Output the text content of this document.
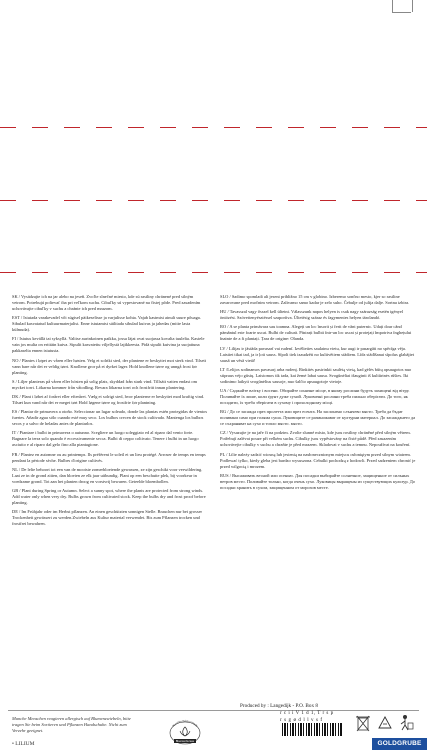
SK / Vysádzajte ich na jar alebo na jeseň. Zvoľte slnečné miesto, kde sú rastliny chránené pred silným vetrom. Potrebujú polievať iba pri veľkom suchu. Cibuľky sú vypestované na čistej pôde. Pred zasadením uchovávajte cibuľky v suchu a chránte ich pred mrazom.

EST / Istutada varakevadel või sügisel päikeselisse ja varjulisse kohta. Vajab kastmist ainult suure põuaga. Sibulad kasvatatud kultuurmaterjalist. Enne istutamist säilitada sibulad kuivas ja jahedas (mitte lasta külmuda).

FI / Istutus kevällä tai syksyllä. Valitse aurinkoinen paikka, jossa läjat ovat suojassa kovalta tuulelta. Kastele vain jos multa on erittäin kuiva. Sipulit kasvatettu viljellystä lajikkeesta. Pidä sipulit kuivina ja suojattuna pakkaselta ennen istutusta.

NO / Plantes i løpet av våren eller høsten. Velg et solrikt sted, der plantene er beskyttet mot sterk vind. Tilsett vann bare når det er veldig tørrt. Knollene gror på et dyrket lager. Hold knollene tørre og unngå frost før planting.

S / Liljer planteras på våren eller hösten på solig plats, skyddad från stark vind. Tillsätt vatten endast om mycket torrt. Lökarna kommer från våtodling. Bevara lökarna torrt och frostfritt innan plantering.

DK / Plant i løbet af foråret eller efteråret. Vælg et solrigt sted, hvor planterne er beskyttet mod kraftig vind. Tilsæt kun vand når det er meget tørt Hold løgene tørre og frostfrie før plantning.

ES / Plantar de primavera a otoño. Seleccionar un lugar soleado, donde las plantas estén protegidas de vientos fuertes. Añadir agua sólo cuando esté muy seco. Los bulbos crecen de stock cultivado. Mantenga los bulbos secos y a salvo de heladas antes de plantarlos.

IT / Piantare i bulbi in primavera o autunno. Scegliere un luogo soleggiato ed al riparo dal vento forte. Bagnare la terra solo quando è eccessivamente secca. Bulbi di ceppo coltivato. Tenere i bulbi in un luogo asciutto e al riparo dal gelo fino alla piantagione.

FR / Plantez en automne ou au printemps. Ils préfèrent le soleil et un lieu protégé. Arroser de temps en temps pendant la période sèche. Bulbes d'origine cultivés.

NL / De lelie behoort tot een van de mooiste zomerbloeiende gewassen, ze zijn geschikt voor verwildering. Laat ze in de grond zitten, dan bloeien ze elk jaar uitbundig. Plant op een beschutte plek, bij voorkeur in voedzame grond. Tot aan het planten droog en vorstvrij bewaren. Geteelde bloembollen.

GB / Plant during Spring or Autumn. Select a sunny spot, where the plants are protected from strong winds. Add water only when very dry. Bulbs grown from cultivated stock. Keep the bulbs dry and frost proof before planting.

DE / Im Frühjahr oder im Herbst pflanzen. An einen geschützten sonnigen Stelle. Brauchen nur bei grosser Trockenheit gewässert zu werden.Zwiebeln aus Kultur material verwendet. Bis zum Pflanzen trocken und frostfrei bewahren.

SLO / Sadimo spomladi ali jeseni približno 15 cm v globino. Izberemo sončno mesto, kjer so rastline zavarovane pred močnim vetrom. Zalivamo samo kadar je zelo suho. Čebulje od julija dalje. Sortna izbira.

HU / Tavasszal vagy ősszel kell ültetni. Válasszunk napos helyen is csak nagy szárazság esetén igényel öntözést. Szövettenyésztéssel szaporítva. Ültetésig száraz és fagymentes helyen tárolandó.

RO / A se planta primăvara sau toamna. Alegeți un loc însorit și ferit de vânt puternic. Udați doar când pământul este foarte uscat. Bulbi de cultură. Păstrați bulbii într-un loc uscat și protejați împotriva înghețului înainte de a fi plantați. Țara de origine: Olanda.

LV / Lilijas ir jāstāda pavasarī vai rudenī. Izvēlieties saulainu vietu, kur augi ir pasargāti no spēcīga vēja. Laistiet tikai tad, ja ir ļoti sauss. Sīpoli tiek izaudzēti no kultivētiem stādiem. Līdz stādīšanai sīpolus glabājiet sausā un vēsā vietā!

LT /Lelijos sodinamos pavasarį arba rudenį. Rinkitės pasirinkti saulėtą vietą, kad gėlės būtų apsaugotos nuo stipraus vėjo gūsių. Laistomos tik tada, kai žemė labai sausa. Svogūnėliai išauginti iš kultūrinės rūšies. Iki sodinimo laikyti svogūnėlius sausoje, nuo šalčio apsaugotoje vietoje.

UA / Саджайте влітку і восени. Обирайте сонячне місце, в якому рослини будуть захищені від вітру. Поливайте їх лише, коли ґрунт дуже сухий. Луковичні рослини треба пильно оберігати. До того, як посадити, їх треба зберігати в сухому і прохолодному місці.

BG / До се засажда през пролетта или през есента. На заслонено слънчево място. Треба да бъдат поливани само при голяма суша. Луковиците се размножават от културни материал. До засаждането да се съхраняват на сухо и топло място. място.

CZ / Vysazujte je na jaře či na podzim. Zvolte slunné místo, kde jsou rostliny chráněné před silným větrem. Potřebují zalévat pouze při velkém suchu. Cibulky jsou vypěstovány na čisté půdě. Před zasazením uchovávejte cibulky v suchu a chraňte je před mrazem. Skladovat v suchu a temnu. Nepoužívat na kouření.

PL / Lilie należy sadzić wiosną lub jesienią na nasłonecznionym miejscu osłoniętym przed silnym wiatrem. Podlewać tylko, kiedy gleba jest bardzo wysuszona. Cebulki pochodzą z hodowli. Przed sadzeniem chronić je przed wilgocią i mrozem.

RUS / Высаживать весной или осенью. Для посадки выбирайте солнечное, защищенное от сильных ветров место. Поливайте только, когда очень сухо. Луковицы выращены из существующих культур. До посадки хранить в сухом, защищенном от морозов месте.

Manche Menschen reagieren allergisch auf Blumenzwiebeln, bitte tragen Sie beim Sortieren und Pflanzen Handschuhe. Nicht zum Verzehr geeignet.
• LILIUM
Kwaliteitskeurmerk
Bloemenbureau
Produced by : Langedijk - P.O. Box 8
r c i ì V 1 d 1, T r s p
r s g ø d l l v s f
GOLDGRUBE
